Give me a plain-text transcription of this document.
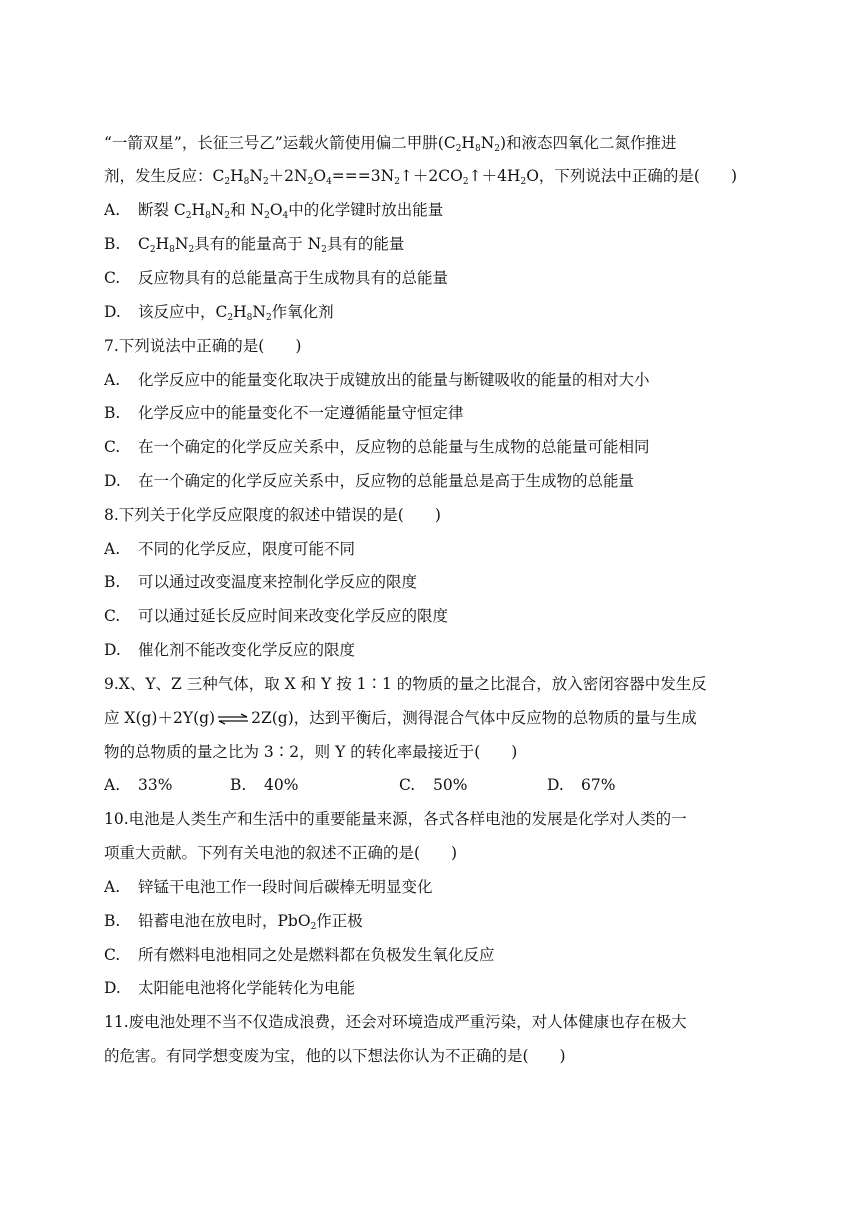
“一箭双星”，长征三号乙”运载火箭使用偏二甲肼$(C_2H_8N_2)$和液态四氧化二氮作推进
剂，发生反应：$C_2H_8N_2+2N_2O_4===3N_2↑+2CO_2↑+4H_2O$，下列说法中正确的是(　　)
A. 断裂 $C_2H_8N_2$和 $N_2O_4$中的化学键时放出能量
B. $C_2H_8N_2$具有的能量高于 $N_2$具有的能量
C. 反应物具有的总能量高于生成物具有的总能量
D. 该反应中，$C_2H_8N_2$作氧化剂
7.下列说法中正确的是(　　)
A. 化学反应中的能量变化取决于成键放出的能量与断键吸收的能量的相对大小
B. 化学反应中的能量变化不一定遵循能量守恒定律
C. 在一个确定的化学反应关系中，反应物的总能量与生成物的总能量可能相同
D. 在一个确定的化学反应关系中，反应物的总能量总是高于生成物的总能量
8.下列关于化学反应限度的叙述中错误的是(　　)
A. 不同的化学反应，限度可能不同
B. 可以通过改变温度来控制化学反应的限度
C. 可以通过延长反应时间来改变化学反应的限度
D. 催化剂不能改变化学反应的限度
9.X、Y、Z 三种气体，取 X 和 Y 按 1∶1 的物质的量之比混合，放入密闭容器中发生反
应 X(g)＋2Y(g)⇌2Z(g)，达到平衡后，测得混合气体中反应物的总物质的量与生成
物的总物质的量之比为 3∶2，则 Y 的转化率最接近于(　　)
A. 33%	B. 40%	C. 50%	D. 67%
10.电池是人类生产和生活中的重要能量来源，各式各样电池的发展是化学对人类的一
项重大贡献。下列有关电池的叙述不正确的是(　　)
A. 锌锰干电池工作一段时间后碳棒无明显变化
B. 铅蓄电池在放电时，PbO$_2$作正极
C. 所有燃料电池相同之处是燃料都在负极发生氧化反应
D. 太阳能电池将化学能转化为电能
11.废电池处理不当不仅造成浪费，还会对环境造成严重污染，对人体健康也存在极大
的危害。有同学想变废为宝，他的以下想法你认为不正确的是(　　)
